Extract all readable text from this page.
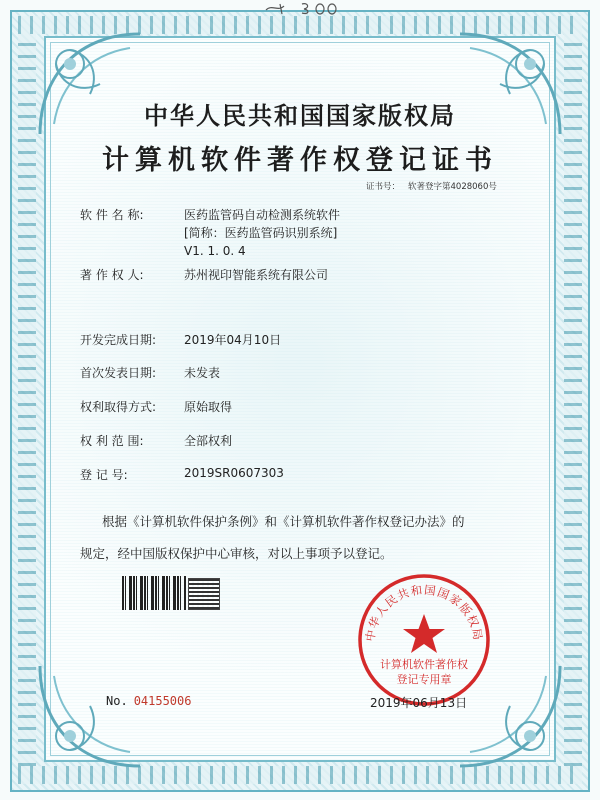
中华人民共和国国家版权局
计算机软件著作权登记证书
证书号： 软著登字第4028060号
软 件 名 称:	医药监管码自动检测系统软件
[简称：医药监管码识别系统]
V1. 1. 0. 4
著 作 权 人:	苏州视印智能系统有限公司
开发完成日期: 2019年04月10日
首次发表日期: 未发表
权利取得方式: 原始取得
权 利 范 围:	全部权利
登 记 号:	2019SR0607303
根据《计算机软件保护条例》和《计算机软件著作权登记办法》的
规定，经中国版权保护中心审核，对以上事项予以登记。
No. 04155006
中华人民共和国国家版权局
计算机软件著作权
登记专用章
2019年06月13日
